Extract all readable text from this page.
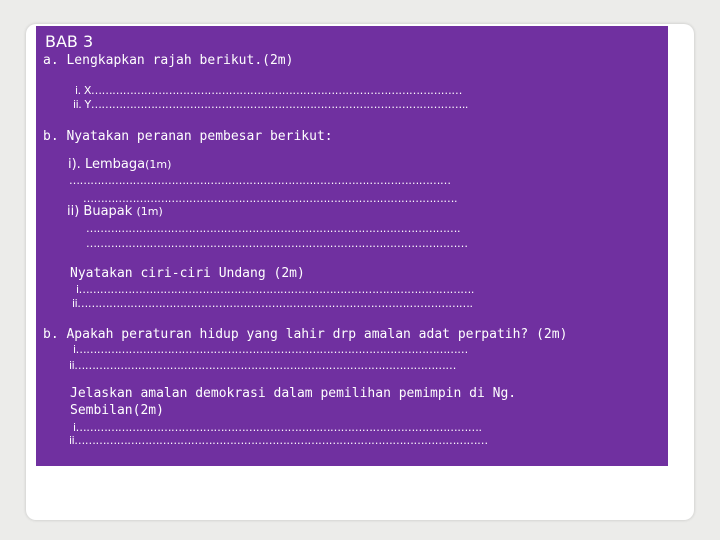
BAB 3
a. Lengkapkan rajah berikut.(2m)
i. X……………………………………………………………………………………………
ii. Y……………………………………………………………………………………………..
b. Nyatakan peranan pembesar berikut:
i). Lembaga(1m)
………………………………………………………………………………………………
…………………………………………………………………………………………….
ii) Buapak (1m)
…………………………………………………………………………………………….
………………………………………………………………………………………………
• Nyatakan ciri-ciri Undang (2m)
i………………………………………………………………………………………………….
ii………………………………………………………………………………………………….
b. Apakah peraturan hidup yang lahir drp amalan adat perpatih? (2m)
i…………………………………………………………………………………………………
ii………………………………………………………………………………………………
• Jelaskan amalan demokrasi dalam pemilihan pemimpin di Ng.
Sembilan(2m)
i…………………………………………………………………………………………………….
ii………………………………………………………………………………………………………
